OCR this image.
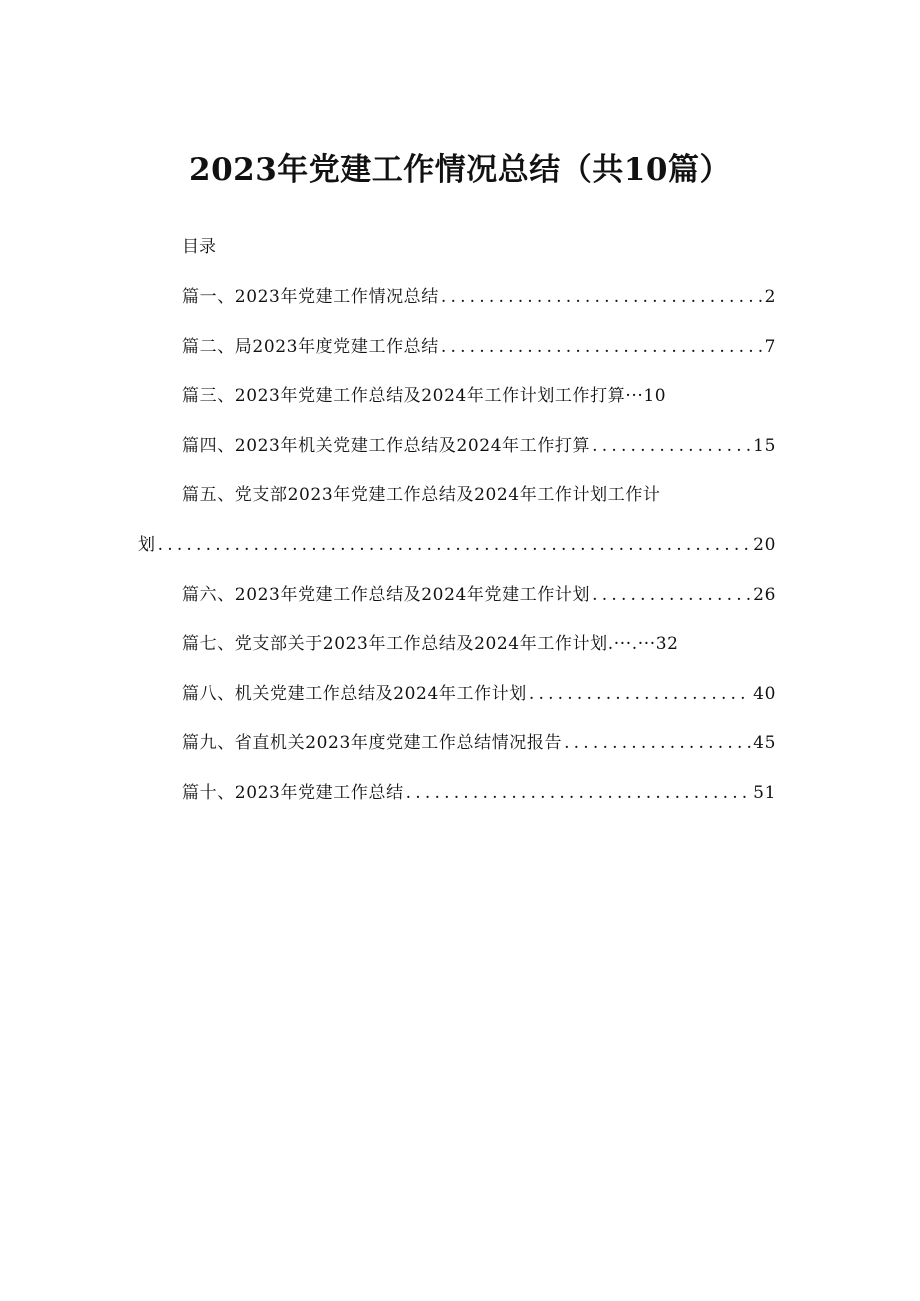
2023年党建工作情况总结（共10篇）
目录
篇一、2023年党建工作情况总结 .....	2
篇二、局2023年度党建工作总结 .....	7
篇三、2023年党建工作总结及2024年工作计划工作打算···10
篇四、2023年机关党建工作总结及2024年工作打算 .....	15
篇五、党支部2023年党建工作总结及2024年工作计划工作计
划 .....	20
篇六、2023年党建工作总结及2024年党建工作计划 .....	26
篇七、党支部关于2023年工作总结及2024年工作计划.···.···32
篇八、机关党建工作总结及2024年工作计划 .....	40
篇九、省直机关2023年度党建工作总结情况报告 .....	45
篇十、2023年党建工作总结 .....	51
